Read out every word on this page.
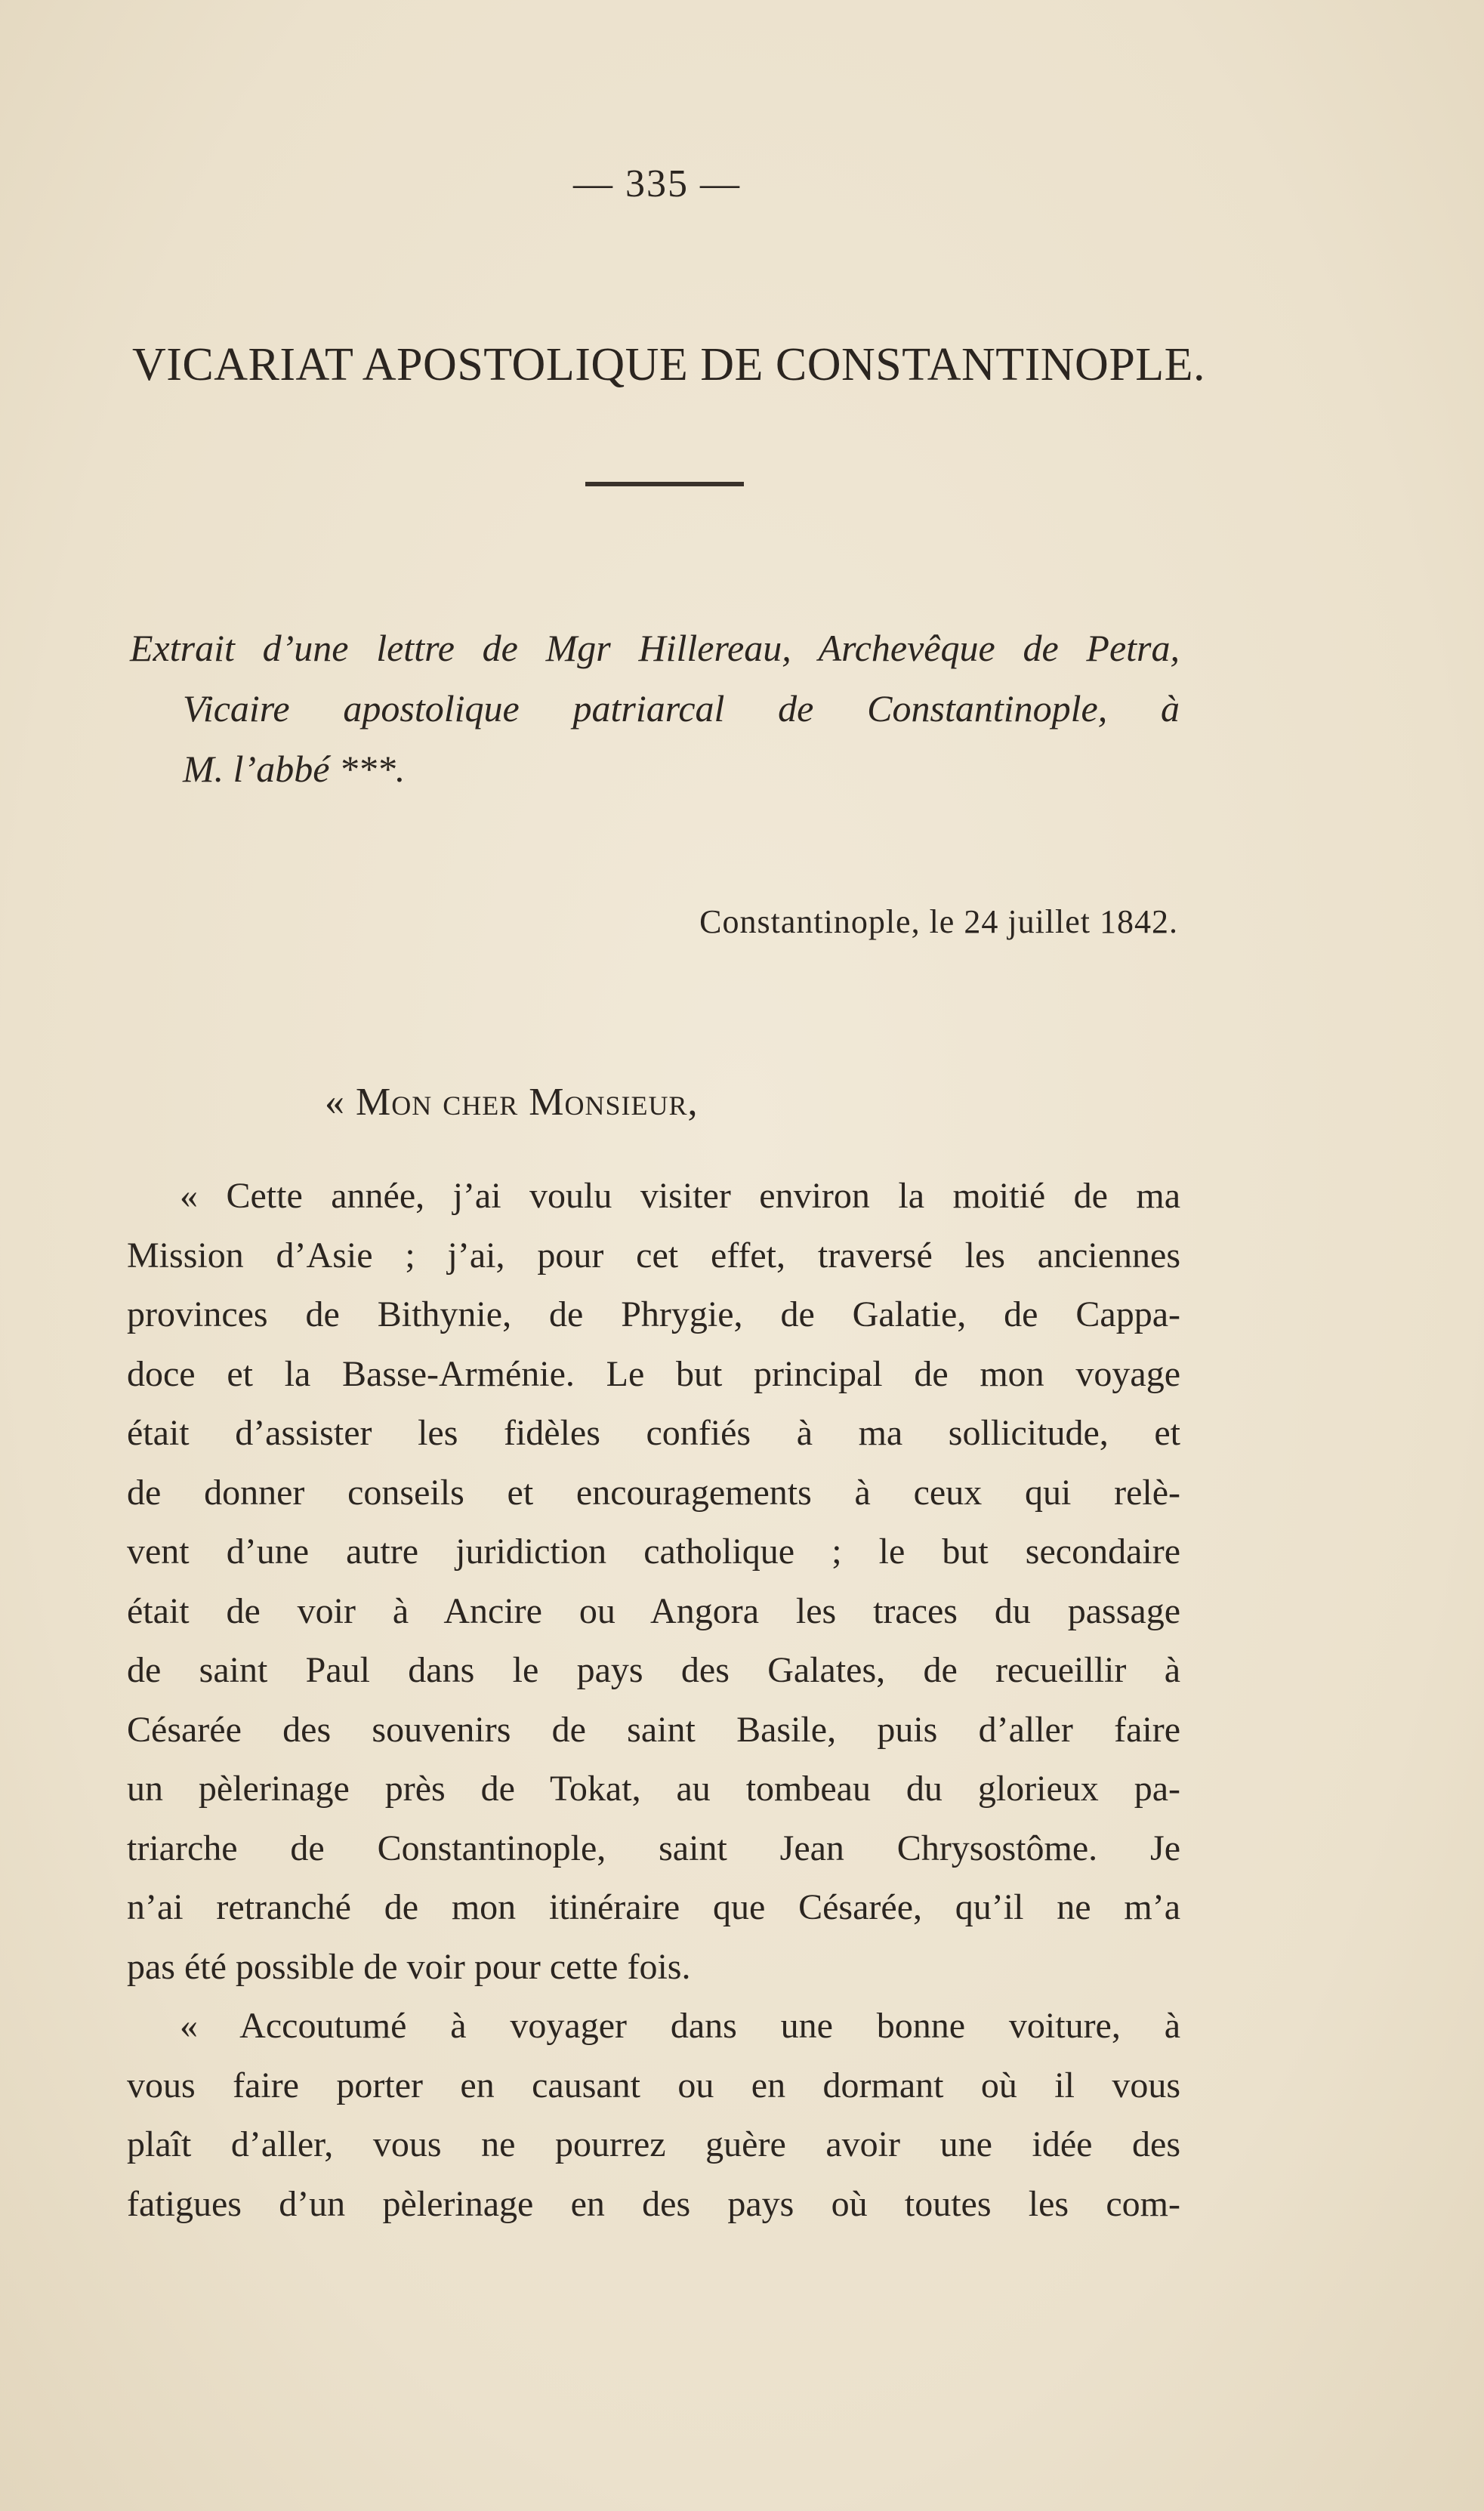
— 335 —
VICARIAT APOSTOLIQUE DE CONSTANTINOPLE.
Extrait d’une lettre de Mgr Hillereau, Archevêque de Petra,
Vicaire apostolique patriarcal de Constantinople, à
M. l’abbé ***.
Constantinople, le 24 juillet 1842.
« Mon cher Monsieur,

« Cette année, j’ai voulu visiter environ la moitié de ma
Mission d’Asie ; j’ai, pour cet effet, traversé les anciennes
provinces de Bithynie, de Phrygie, de Galatie, de Cappa-
doce et la Basse-Arménie. Le but principal de mon voyage
était d’assister les fidèles confiés à ma sollicitude, et
de donner conseils et encouragements à ceux qui relè-
vent d’une autre juridiction catholique ; le but secondaire
était de voir à Ancire ou Angora les traces du passage
de saint Paul dans le pays des Galates, de recueillir à
Césarée des souvenirs de saint Basile, puis d’aller faire
un pèlerinage près de Tokat, au tombeau du glorieux pa-
triarche de Constantinople, saint Jean Chrysostôme. Je
n’ai retranché de mon itinéraire que Césarée, qu’il ne m’a
pas été possible de voir pour cette fois.

« Accoutumé à voyager dans une bonne voiture, à
vous faire porter en causant ou en dormant où il vous
plaît d’aller, vous ne pourrez guère avoir une idée des
fatigues d’un pèlerinage en des pays où toutes les com-
